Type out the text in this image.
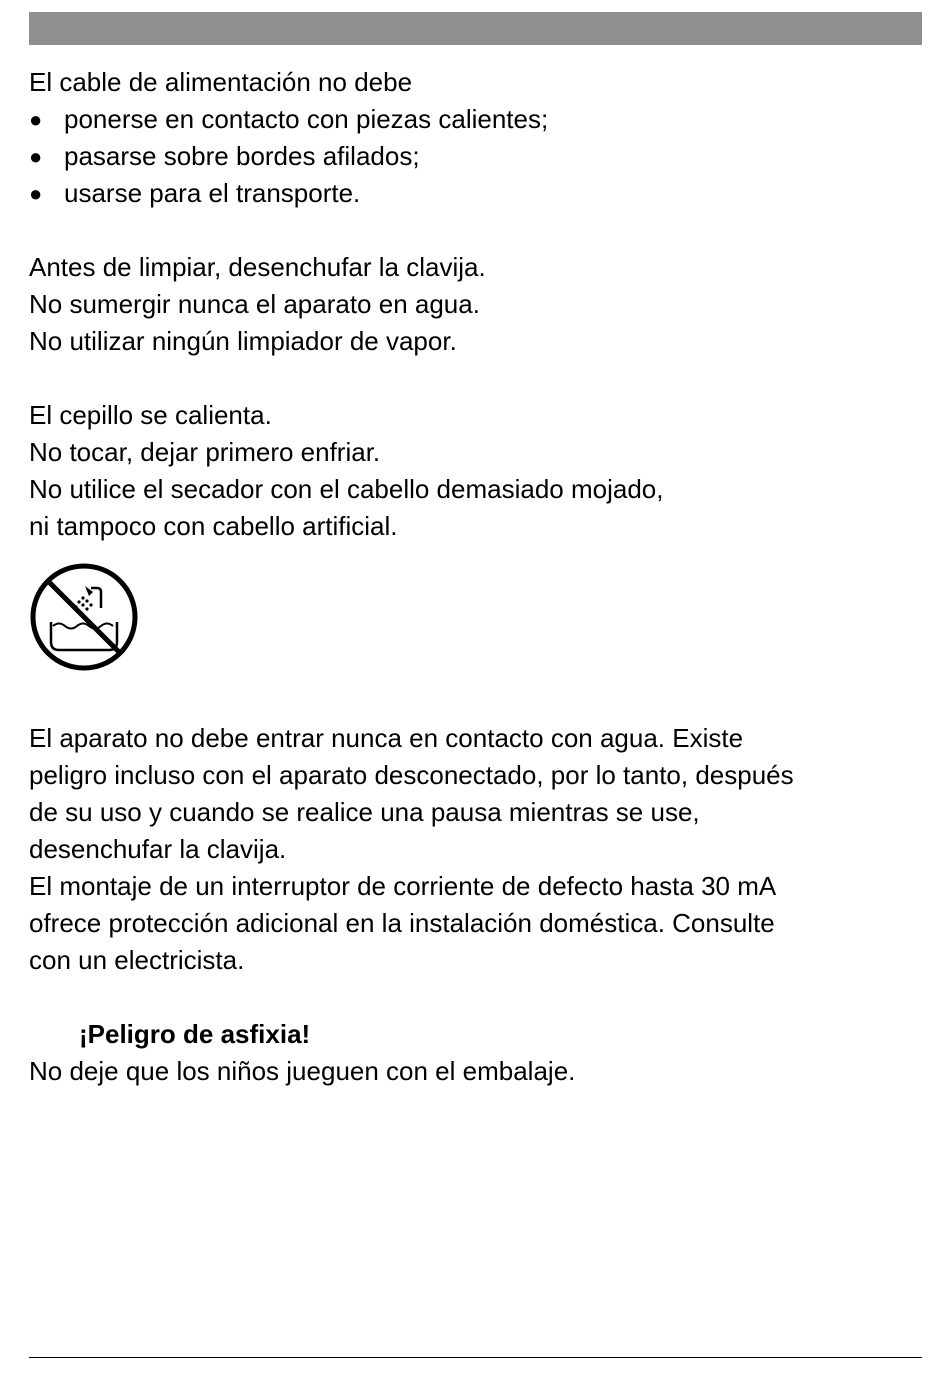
El cable de alimentación no debe
● ponerse en contacto con piezas calientes;
● pasarse sobre bordes afilados;
● usarse para el transporte.
Antes de limpiar, desenchufar la clavija.
No sumergir nunca el aparato en agua.
No utilizar ningún limpiador de vapor.
El cepillo se calienta.
No tocar, dejar primero enfriar.
No utilice el secador con el cabello demasiado mojado,
ni tampoco con cabello artificial.
El aparato no debe entrar nunca en contacto con agua. Existe
peligro incluso con el aparato desconectado, por lo tanto, después
de su uso y cuando se realice una pausa mientras se use,
desenchufar la clavija.
El montaje de un interruptor de corriente de defecto hasta 30 mA
ofrece protección adicional en la instalación doméstica. Consulte
con un electricista.
¡Peligro de asfixia!
No deje que los niños jueguen con el embalaje.
